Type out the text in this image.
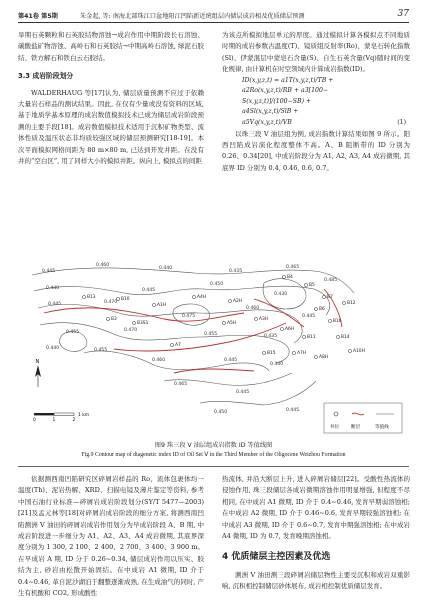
第41卷 第5期	朱金起, 等: 南海北部珠江口盆地阳江凹陷新近统组层内储层成岩相及优质储层预测	37

旱期石英颗粒和石英胶结物溶蚀→成岩作用中期阶段长石溶蚀、碳酸盐矿物溶蚀、高岭石和石英胶结→中期高岭石溶蚀, 绿泥石胶结、铁方解石和铁白云石胶结。

3.3 成岩阶段划分

WALDERHAUG 等[17]认为, 储层质量预测不应过于依赖大量岩石样品的测试结果。因此, 在仅有少量或没有资料的区域, 基于地质学基本原理的成岩数值模拟技术已成为储层成岩阶段预测的主要手段[18]。成岩数值模拟技术适用于沉积矿物类型、流体性质及温压状态非均质较强区域的储层预测研究[18-19]。本次平面模拟网格间距为 80 m×80 m, 已达到开发井距。在没有井的“空白区”, 用了同样大小的模拟井距。纵向上, 模拟点的间距

为该点所模拟地层单元的厚度。通过模拟计算各模拟点不同地质时期的成岩参数古温度(T)、镜质组反射率(Ro)、蒙皂石转化指数(Sl)、伊蒙混层中蒙皂石含量(S)、自生石英含量(Vq)随时间的变化规律, 由计算机在时空领域内计算成岩指数(ID)。

ID(x,y,z,t) = a1T(x,y,z,t)/TB +
a2Ro(x,y,z,t)/RB + a3[100−
S(x,y,z,t)]/(100−SB) +
a4Sl(x,y,z,t)/SlB +
a5Vq(x,y,z,t)/VB	(1)

以珠三段 V 油层组为例, 成岩指数计算结果如图 9 所示。阳西凹陷成岩演化程度整体不高。A、B 阻断带的 ID 分别为 0.26、0.34[20], 中成岩阶段分为 A1, A2, A3, A4 成岩微期, 其底界 ID 分别为 0.4, 0.46, 0.6, 0.7。

0.445
0.460
0.440
0.435
0.465
0.440	0.445
0.450
0.430
0.485
0.445	0.470
0.475
0.460
0.445
0.455	0.470
0.455	0.435
0.440	0.455
0.460	0.445
0.440
0.465
0.445
0.450	0.445
B13	B10
A1H
A4H
A2H
B3
B3S1	A5H
A3H
A6H
A7
B4
B5
B7
B6
B12
B16
B11	B14
A10H
A8H
A7H
B15
N
0	1	2
1 km
井位	断层	等值线
图9 珠三段 Ⅴ 油层组成岩指数 ID 等值线图
Fig.9 Contour map of diagenetic index ID of Oil Set Ⅴ in the Third Member of the Oligocene Weizhou Formation

依据测西南凹陷研究区碎屑岩样品的 Ro、流体包裹体均一温度(Th)、泥岩热解、XRD、扫描电镜及薄片鉴定等资料, 参考中国石油行业标准—碎屑岩成岩阶段划分(SY/T 5477—2003)[21]及孟元林等[18]对碎屑岩成岩阶段的细分方案, 将测西南凹陷测洲 Ⅴ 油田的碎屑岩成岩作用划分为早成岩阶段 A、B 期, 中成岩阶段进一步细分为 A1、A2、A3、A4 成岩微期, 其底界深度分别为 1 300, 2 100、2 400、2 700、3 400、3 900 m。在早成岩 A 期, ID 分于 0.26~0.34, 储层成岩作用以压实、胶结为主, 砂岩由松散开始固结。在中成岩 A1 微期, ID 介于 0.4~0.46, 革自泥沙湖泊于翻整逐渐成熟, 在生成油气的同时, 产生有机酸和 CO2, 形成酸性

热流体, 并沿大断层上升, 进入碎屑岩储层[22]。受酸性热流体的侵蚀作用, 珠三段储层各成岩微期溶蚀作用明显增强, 但程度不尽相同, 在中成岩 A1 微期, ID 介于 0.4~0.46, 发育早期弱溶蚀相; 在中成岩 A2 微期, ID 介于 0.46~0.6, 发育早期较强溶蚀相; 在中成岩 A3 微期, ID 介于 0.6~0.7, 发育中期强溶蚀相; 在中成岩 A4 微期, ID 为 0.7, 发育晚期溶蚀相。

4 优质储层主控因素及优选

测洲 Ⅴ 油田测三段碎屑岩储层物性主要受沉积和成岩双重影响, 沉积相控制储层砂体展布, 成岩相控制优质储层发育。
